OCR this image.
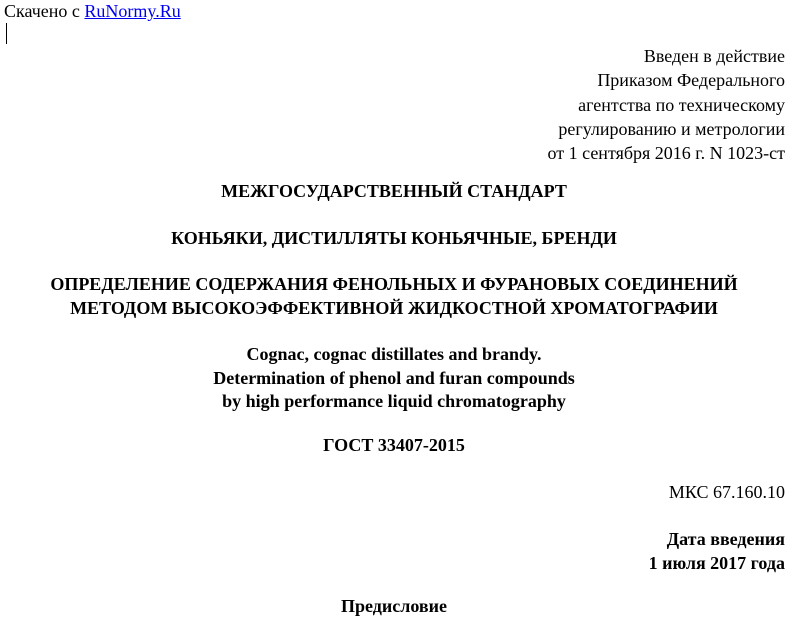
Скачено с RuNormy.Ru
Введен в действие
Приказом Федерального
агентства по техническому
регулированию и метрологии
от 1 сентября 2016 г. N 1023-ст
МЕЖГОСУДАРСТВЕННЫЙ СТАНДАРТ
КОНЬЯКИ, ДИСТИЛЛЯТЫ КОНЬЯЧНЫЕ, БРЕНДИ
ОПРЕДЕЛЕНИЕ СОДЕРЖАНИЯ ФЕНОЛЬНЫХ И ФУРАНОВЫХ СОЕДИНЕНИЙ
МЕТОДОМ ВЫСОКОЭФФЕКТИВНОЙ ЖИДКОСТНОЙ ХРОМАТОГРАФИИ
Cognac, cognac distillates and brandy.
Determination of phenol and furan compounds
by high performance liquid chromatography
ГОСТ 33407-2015
МКС 67.160.10
Дата введения
1 июля 2017 года
Предисловие
